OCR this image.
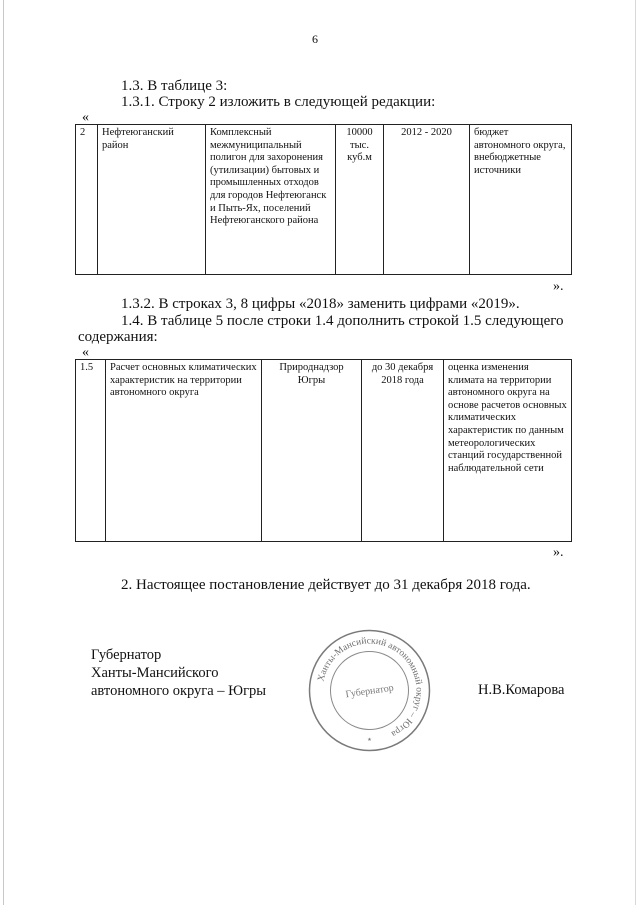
6
1.3. В таблице 3:
1.3.1. Строку 2 изложить в следующей редакции:
«
2	Нефтеюганский район	Комплексный межмуниципальный полигон для захоронения (утилизации) бытовых и промышленных отходов для городов Нефтеюганск и Пыть-Ях, поселений Нефтеюганского района	10000 тыс. куб.м	2012 - 2020	бюджет автономного округа, внебюджетные источники
».
1.3.2. В строках 3, 8 цифры «2018» заменить цифрами «2019».
1.4. В таблице 5 после строки 1.4 дополнить строкой 1.5 следующего
содержания:
«
1.5	Расчет основных климатических характеристик на территории автономного округа	Природнадзор Югры	до 30 декабря 2018 года	оценка изменения климата на территории автономного округа на основе расчетов основных климатических характеристик по данным метеорологических станций государственной наблюдательной сети
».
2. Настоящее постановление действует до 31 декабря 2018 года.
Губернатор
Ханты-Мансийского
автономного округа – Югры	Н.В.Комарова
Ханты-Мансийский автономный округ – Югра
Губернатор
★
